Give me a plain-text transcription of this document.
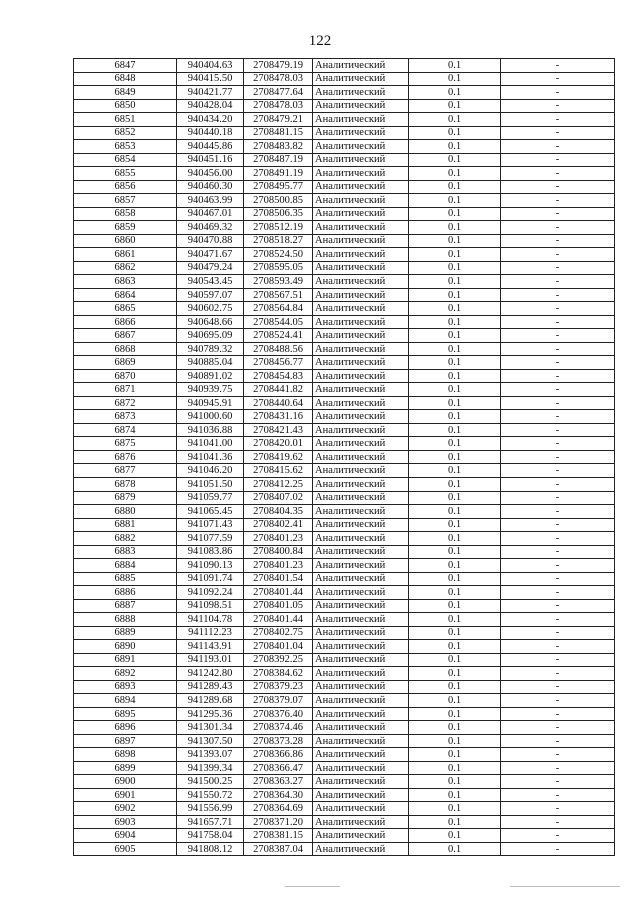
122
6847	940404.63	2708479.19	Аналитический	0.1	-
6848	940415.50	2708478.03	Аналитический	0.1	-
6849	940421.77	2708477.64	Аналитический	0.1	-
6850	940428.04	2708478.03	Аналитический	0.1	-
6851	940434.20	2708479.21	Аналитический	0.1	-
6852	940440.18	2708481.15	Аналитический	0.1	-
6853	940445.86	2708483.82	Аналитический	0.1	-
6854	940451.16	2708487.19	Аналитический	0.1	-
6855	940456.00	2708491.19	Аналитический	0.1	-
6856	940460.30	2708495.77	Аналитический	0.1	-
6857	940463.99	2708500.85	Аналитический	0.1	-
6858	940467.01	2708506.35	Аналитический	0.1	-
6859	940469.32	2708512.19	Аналитический	0.1	-
6860	940470.88	2708518.27	Аналитический	0.1	-
6861	940471.67	2708524.50	Аналитический	0.1	-
6862	940479.24	2708595.05	Аналитический	0.1	-
6863	940543.45	2708593.49	Аналитический	0.1	-
6864	940597.07	2708567.51	Аналитический	0.1	-
6865	940602.75	2708564.84	Аналитический	0.1	-
6866	940648.66	2708544.05	Аналитический	0.1	-
6867	940695.09	2708524.41	Аналитический	0.1	-
6868	940789.32	2708488.56	Аналитический	0.1	-
6869	940885.04	2708456.77	Аналитический	0.1	-
6870	940891.02	2708454.83	Аналитический	0.1	-
6871	940939.75	2708441.82	Аналитический	0.1	-
6872	940945.91	2708440.64	Аналитический	0.1	-
6873	941000.60	2708431.16	Аналитический	0.1	-
6874	941036.88	2708421.43	Аналитический	0.1	-
6875	941041.00	2708420.01	Аналитический	0.1	-
6876	941041.36	2708419.62	Аналитический	0.1	-
6877	941046.20	2708415.62	Аналитический	0.1	-
6878	941051.50	2708412.25	Аналитический	0.1	-
6879	941059.77	2708407.02	Аналитический	0.1	-
6880	941065.45	2708404.35	Аналитический	0.1	-
6881	941071.43	2708402.41	Аналитический	0.1	-
6882	941077.59	2708401.23	Аналитический	0.1	-
6883	941083.86	2708400.84	Аналитический	0.1	-
6884	941090.13	2708401.23	Аналитический	0.1	-
6885	941091.74	2708401.54	Аналитический	0.1	-
6886	941092.24	2708401.44	Аналитический	0.1	-
6887	941098.51	2708401.05	Аналитический	0.1	-
6888	941104.78	2708401.44	Аналитический	0.1	-
6889	941112.23	2708402.75	Аналитический	0.1	-
6890	941143.91	2708401.04	Аналитический	0.1	-
6891	941193.01	2708392.25	Аналитический	0.1	-
6892	941242.80	2708384.62	Аналитический	0.1	-
6893	941289.43	2708379.23	Аналитический	0.1	-
6894	941289.68	2708379.07	Аналитический	0.1	-
6895	941295.36	2708376.40	Аналитический	0.1	-
6896	941301.34	2708374.46	Аналитический	0.1	-
6897	941307.50	2708373.28	Аналитический	0.1	-
6898	941393.07	2708366.86	Аналитический	0.1	-
6899	941399.34	2708366.47	Аналитический	0.1	-
6900	941500.25	2708363.27	Аналитический	0.1	-
6901	941550.72	2708364.30	Аналитический	0.1	-
6902	941556.99	2708364.69	Аналитический	0.1	-
6903	941657.71	2708371.20	Аналитический	0.1	-
6904	941758.04	2708381.15	Аналитический	0.1	-
6905	941808.12	2708387.04	Аналитический	0.1	-
